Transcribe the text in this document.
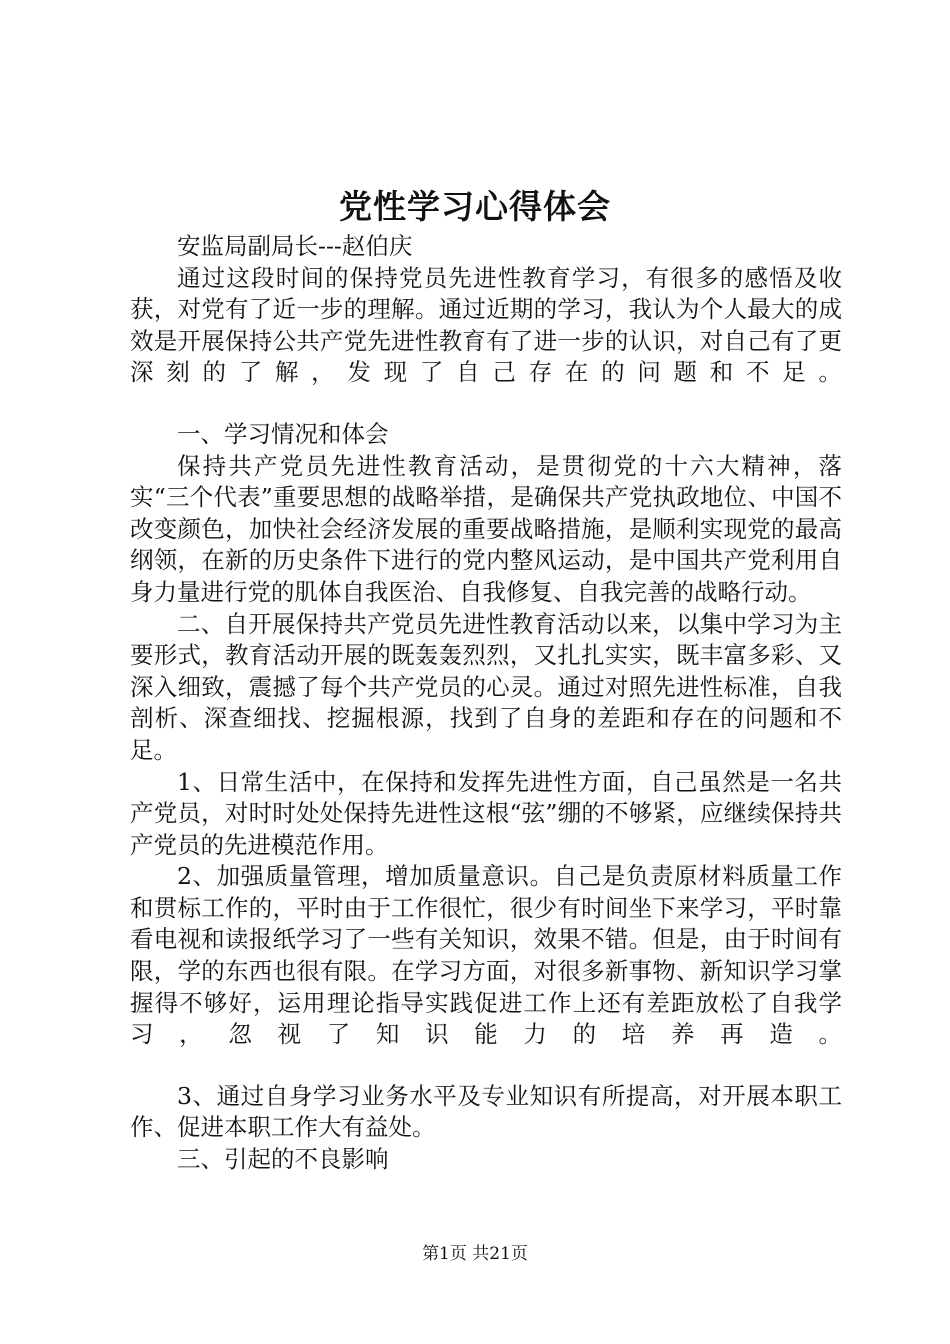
党性学习心得体会

安监局副局长---赵伯庆

通过这段时间的保持党员先进性教育学习，有很多的感悟及收获，对党有了近一步的理解。通过近期的学习，我认为个人最大的成效是开展保持公共产党先进性教育有了进一步的认识，对自己有了更深刻的了解，发现了自己存在的问题和不足。

一、学习情况和体会

保持共产党员先进性教育活动，是贯彻党的十六大精神，落实“三个代表”重要思想的战略举措，是确保共产党执政地位、中国不改变颜色，加快社会经济发展的重要战略措施，是顺利实现党的最高纲领，在新的历史条件下进行的党内整风运动，是中国共产党利用自身力量进行党的肌体自我医治、自我修复、自我完善的战略行动。

二、自开展保持共产党员先进性教育活动以来，以集中学习为主要形式，教育活动开展的既轰轰烈烈，又扎扎实实，既丰富多彩、又深入细致，震撼了每个共产党员的心灵。通过对照先进性标准，自我剖析、深查细找、挖掘根源，找到了自身的差距和存在的问题和不足。

1、日常生活中，在保持和发挥先进性方面，自己虽然是一名共产党员，对时时处处保持先进性这根“弦”绷的不够紧，应继续保持共产党员的先进模范作用。

2、加强质量管理，增加质量意识。自己是负责原材料质量工作和贯标工作的，平时由于工作很忙，很少有时间坐下来学习，平时靠看电视和读报纸学习了一些有关知识，效果不错。但是，由于时间有限，学的东西也很有限。在学习方面，对很多新事物、新知识学习掌握得不够好，运用理论指导实践促进工作上还有差距放松了自我学习，忽视了知识能力的培养再造。

3、通过自身学习业务水平及专业知识有所提高，对开展本职工作、促进本职工作大有益处。

三、引起的不良影响

第1页 共21页
